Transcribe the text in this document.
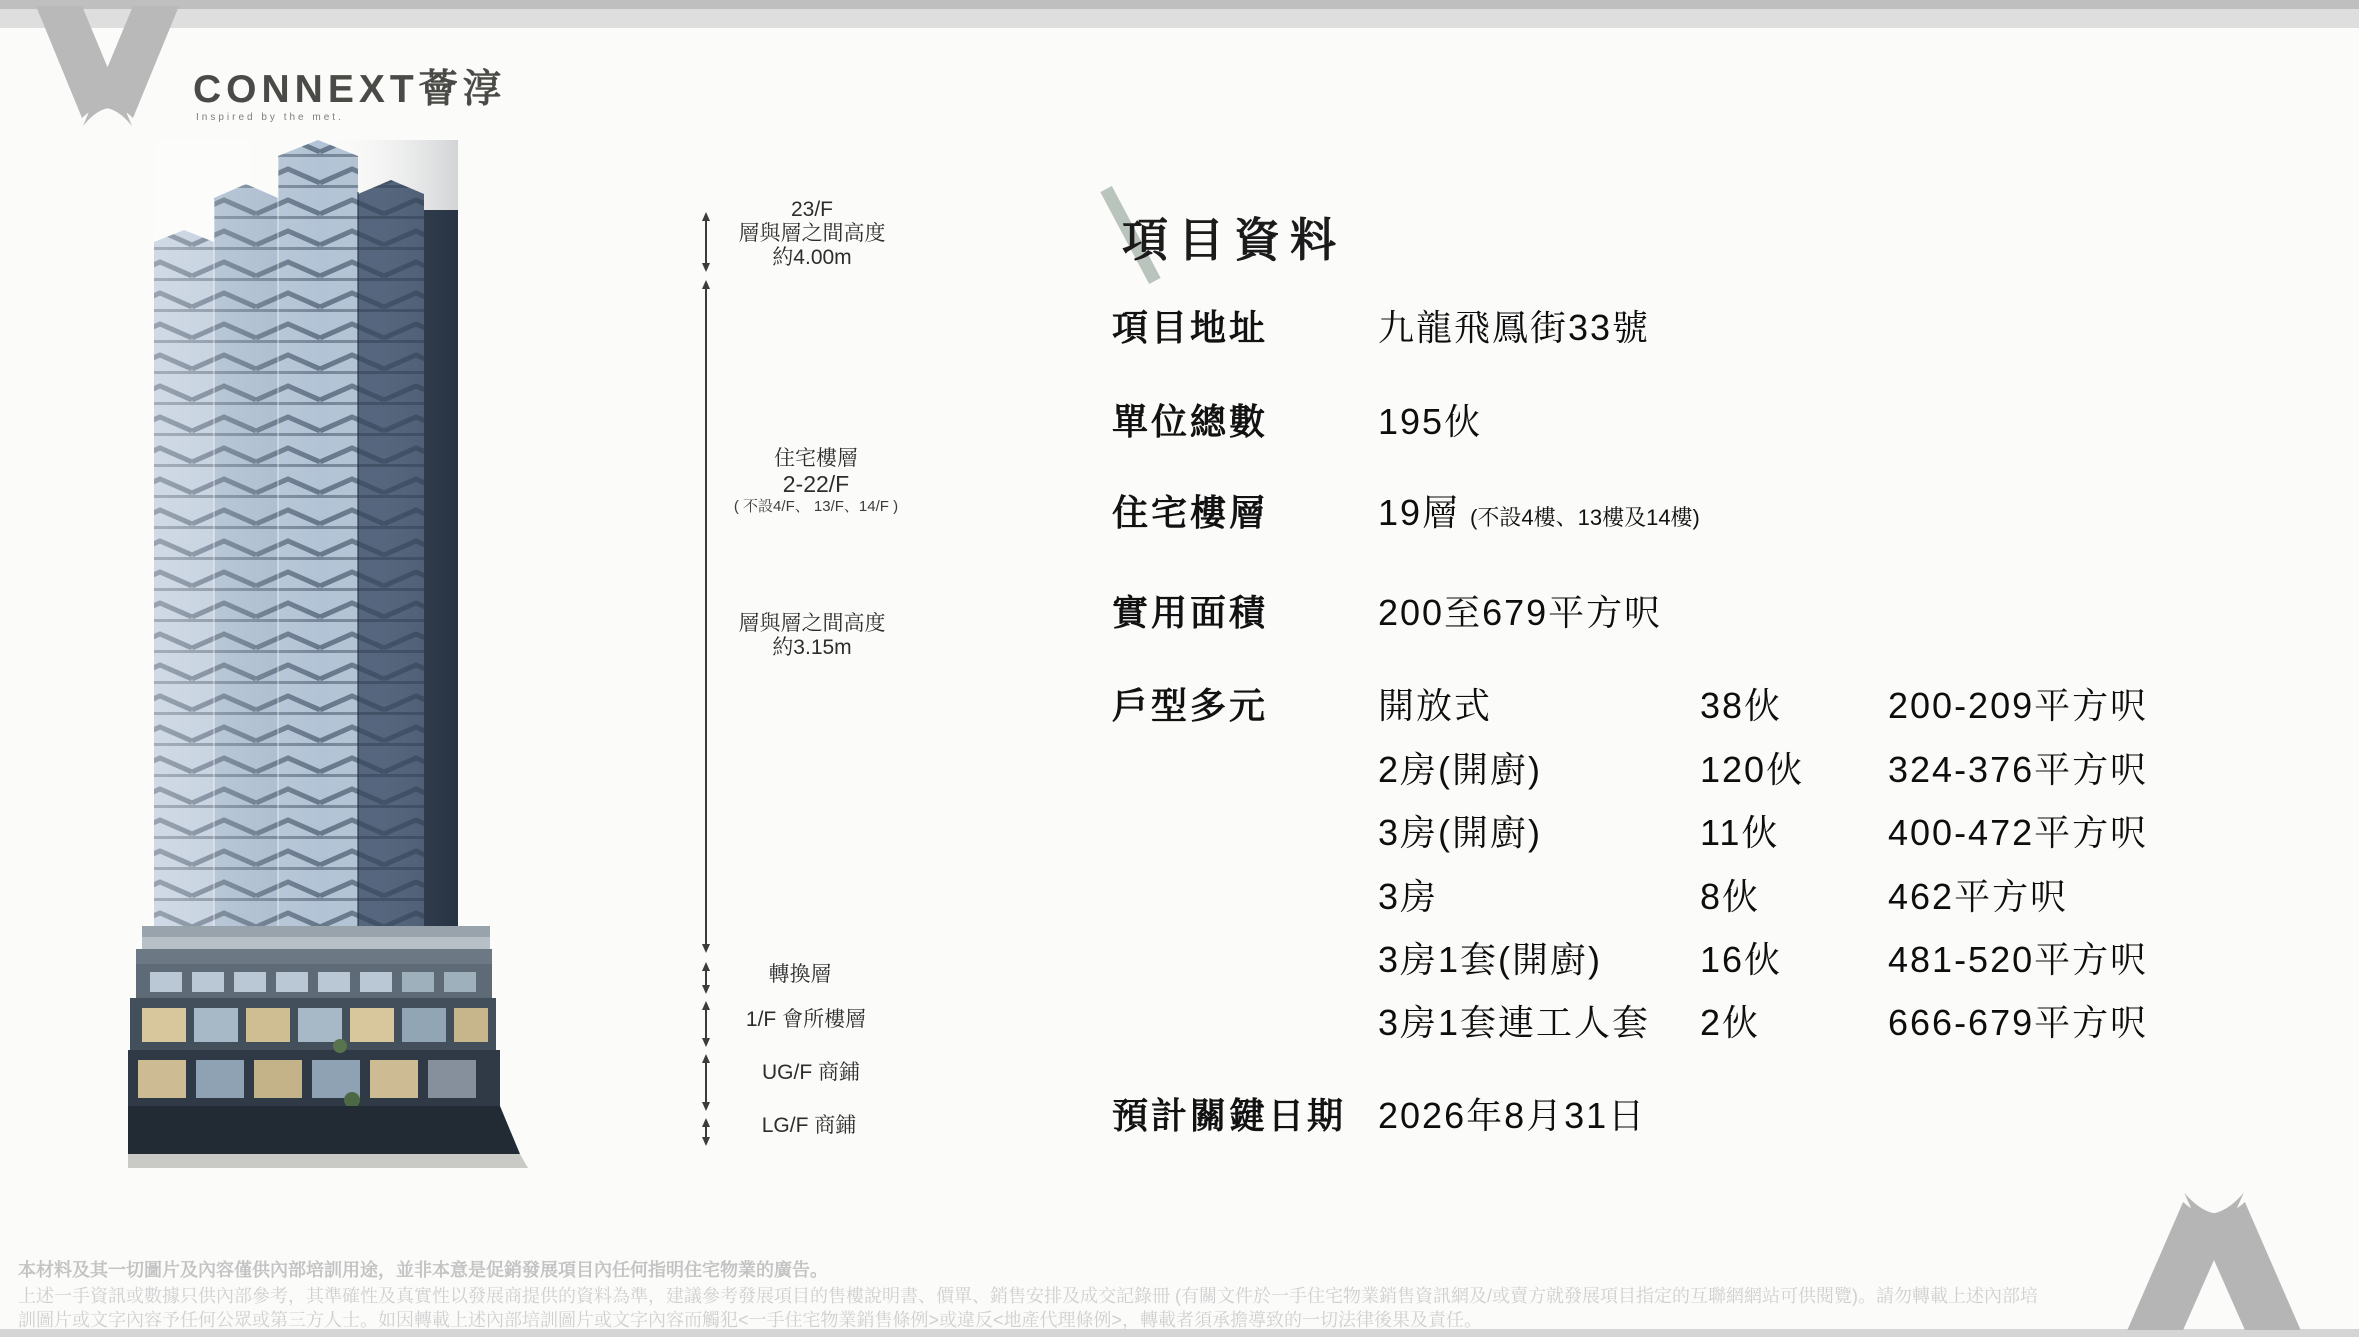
CONNEXT薈淳
Inspired by the met.
23/F
層與層之間高度
約4.00m
住宅樓層
2-22/F
( 不設4/F、 13/F、14/F )
層與層之間高度
約3.15m
轉換層
1/F 會所樓層
UG/F 商鋪
LG/F 商鋪
項目資料
項目地址	九龍飛鳳街33號
單位總數	195伙
住宅樓層	19層 (不設4樓、13樓及14樓)
實用面積	200至679平方呎
戶型多元	開放式	38伙	200-209平方呎
2房(開廚)	120伙 324-376平方呎
3房(開廚)	11伙	400-472平方呎
3房	8伙	462平方呎
3房1套(開廚)	16伙	481-520平方呎
3房1套連工人套 2伙	666-679平方呎
預計關鍵日期 2026年8月31日
本材料及其一切圖片及內容僅供內部培訓用途，並非本意是促銷發展項目內任何指明住宅物業的廣告。
上述一手資訊或數據只供內部參考，其準確性及真實性以發展商提供的資料為準，建議參考發展項目的售樓說明書、價單、銷售安排及成交記錄冊 (有關文件於一手住宅物業銷售資訊網及/或賣方就發展項目指定的互聯網網站可供閱覽)。請勿轉載上述內部培
訓圖片或文字內容予任何公眾或第三方人士。如因轉載上述內部培訓圖片或文字內容而觸犯<一手住宅物業銷售條例>或違反<地產代理條例>，轉載者須承擔導致的一切法律後果及責任。
